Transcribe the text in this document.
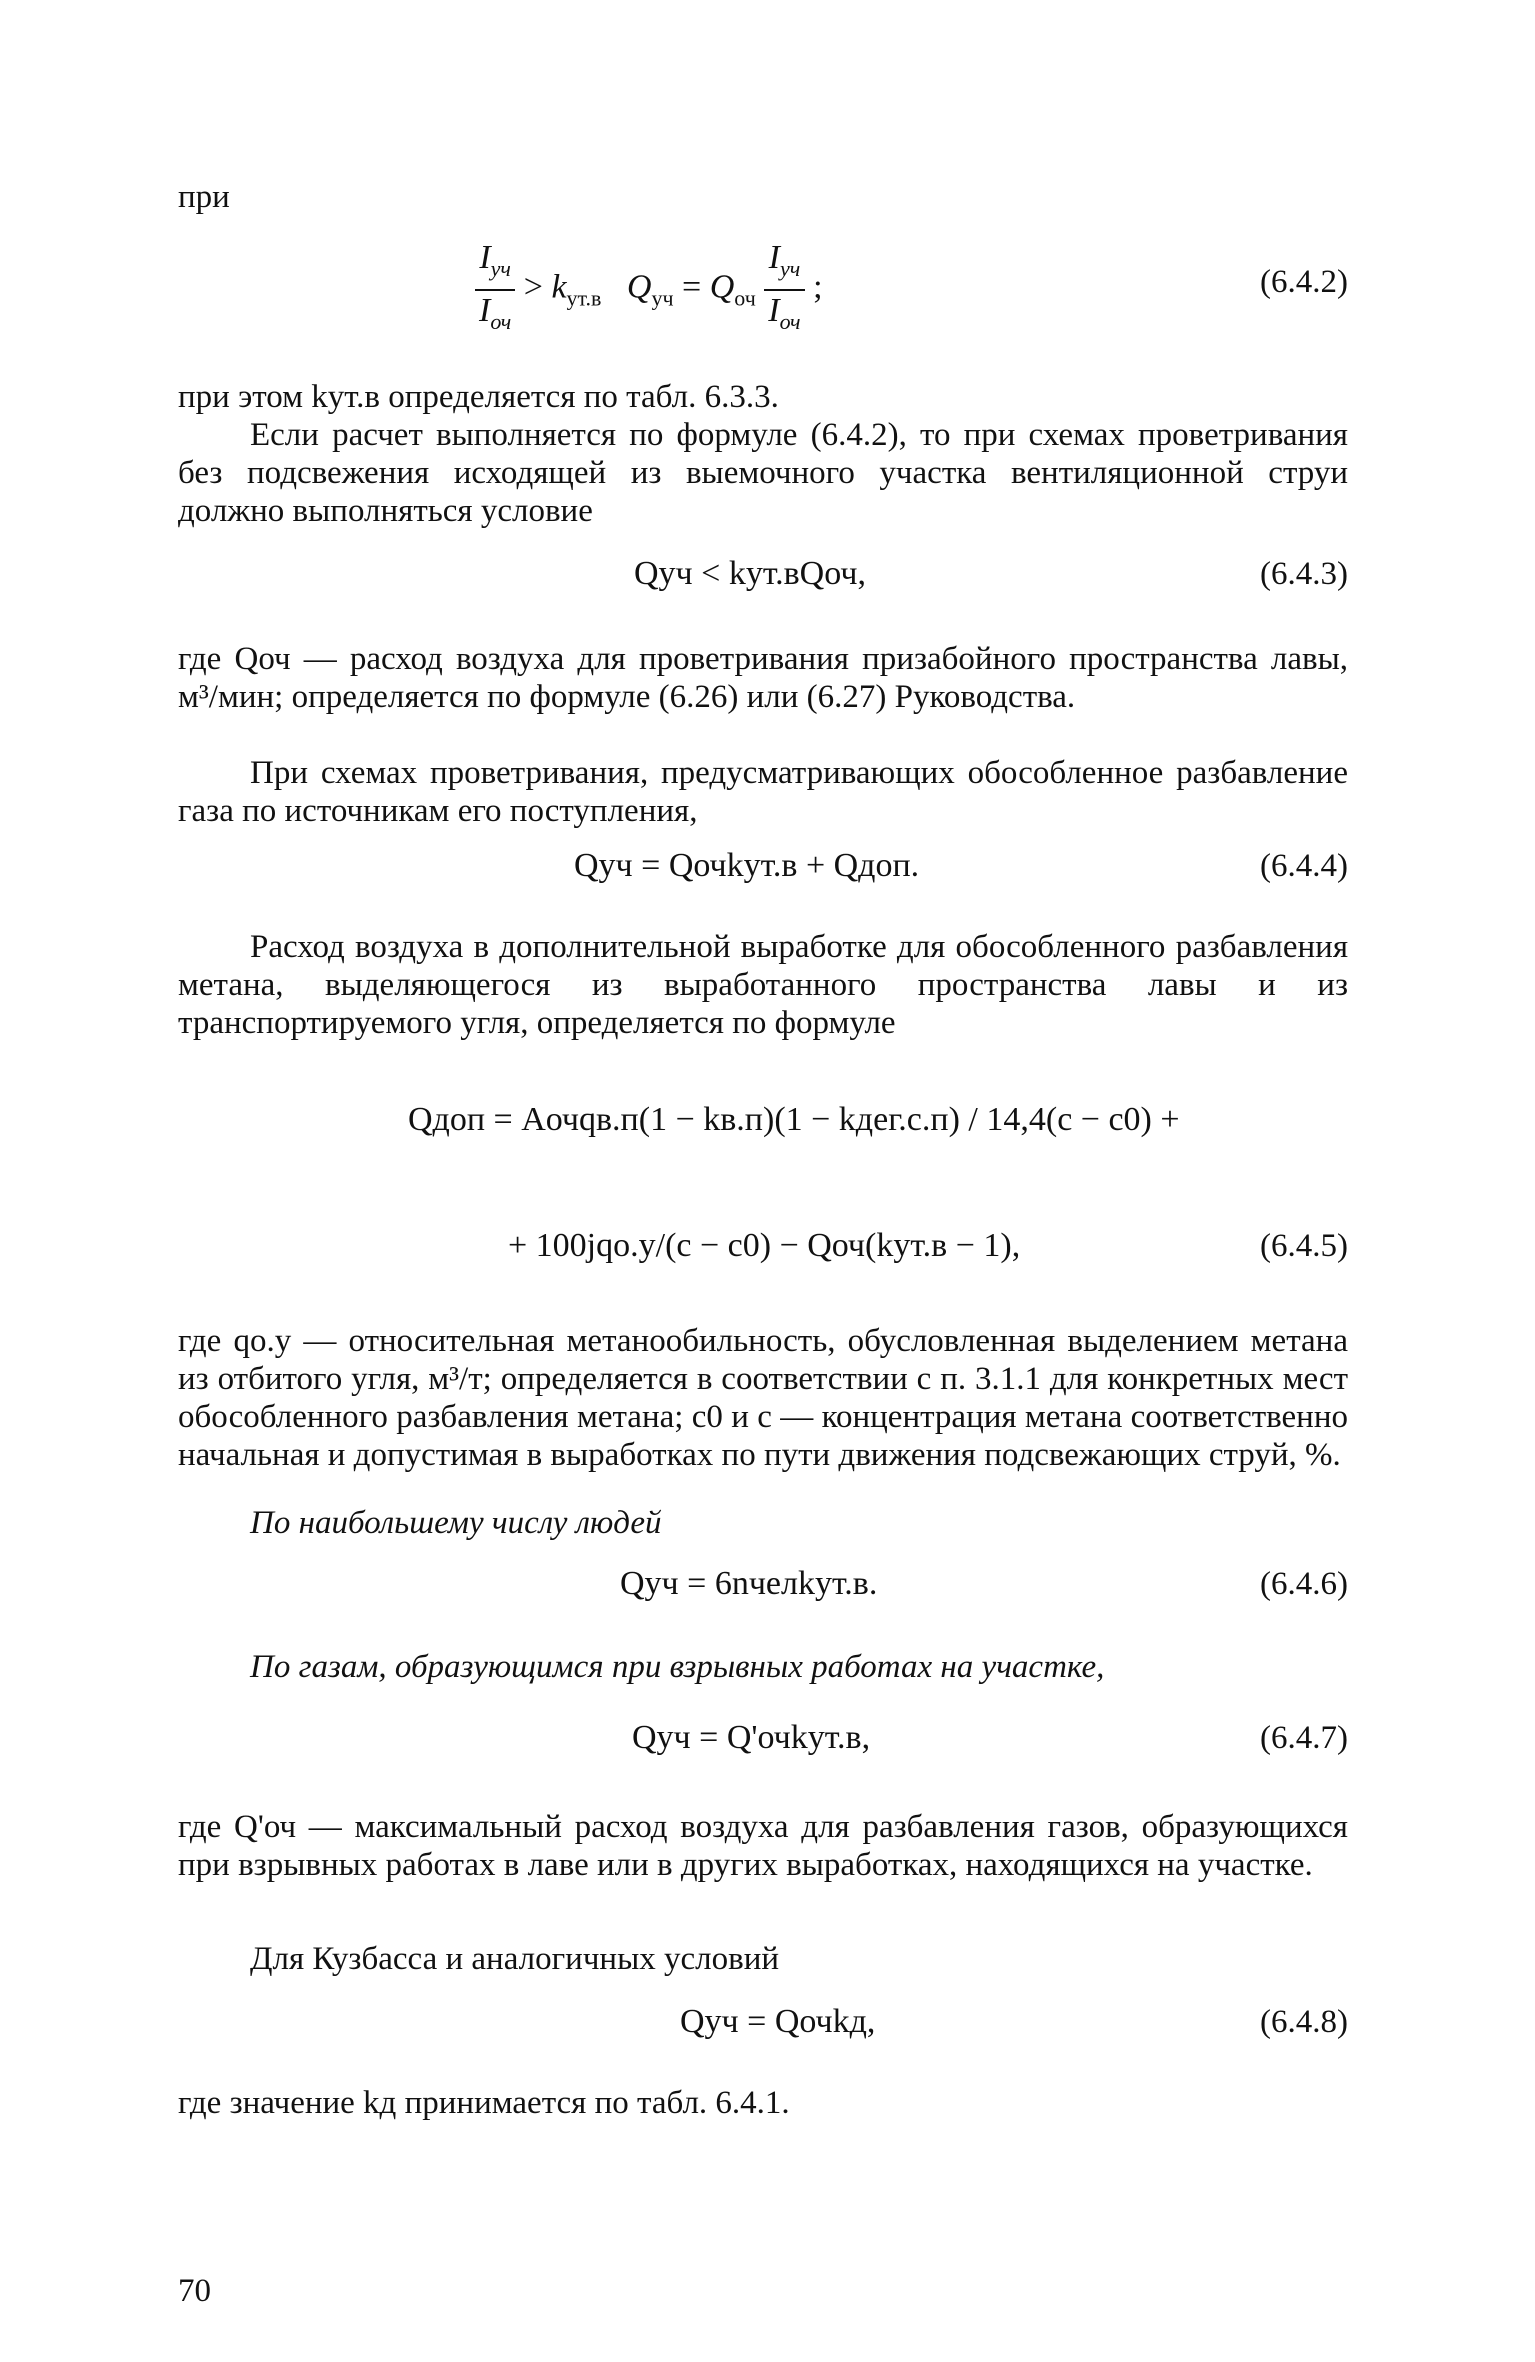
при
$\frac{I_{уч}}{I_{оч}} > k_{ут.в}$ $Q_{уч} = Q_{оч} \frac{I_{уч}}{I_{оч}}$ ;	(6.4.2)
при этом kут.в определяется по табл. 6.3.3.

Если расчет выполняется по формуле (6.4.2), то при схемах проветривания без подсвежения исходящей из выемочного участка вентиляционной струи должно выполняться условие

Qуч < kут.вQоч,	(6.4.3)

где Qоч — расход воздуха для проветривания призабойного пространства лавы, м³/мин; определяется по формуле (6.26) или (6.27) Руководства.

При схемах проветривания, предусматривающих обособленное разбавление газа по источникам его поступления,

Qуч = Qочkут.в + Qдоп.	(6.4.4)

Расход воздуха в дополнительной выработке для обособленного разбавления метана, выделяющегося из выработанного пространства лавы и из транспортируемого угля, определяется по формуле

Qдоп = Aочqв.п(1 − kв.п)(1 − kдег.с.п) / 14,4(c − c0) +
+ 100jqо.у/(c − c0) − Qоч(kут.в − 1),	(6.4.5)

где qо.у — относительная метанообильность, обусловленная выделением метана из отбитого угля, м³/т; определяется в соответствии с п. 3.1.1 для конкретных мест обособленного разбавления метана; c0 и c — концентрация метана соответственно начальная и допустимая в выработках по пути движения подсвежающих струй, %.

По наибольшему числу людей
Qуч = 6nчелkут.в.	(6.4.6)
По газам, образующимся при взрывных работах на участке,
Qуч = Q'очkут.в,	(6.4.7)

где Q'оч — максимальный расход воздуха для разбавления газов, образующихся при взрывных работах в лаве или в других выработках, находящихся на участке.

Для Кузбасса и аналогичных условий
Qуч = Qочkд,	(6.4.8)
где значение kд принимается по табл. 6.4.1.
70
